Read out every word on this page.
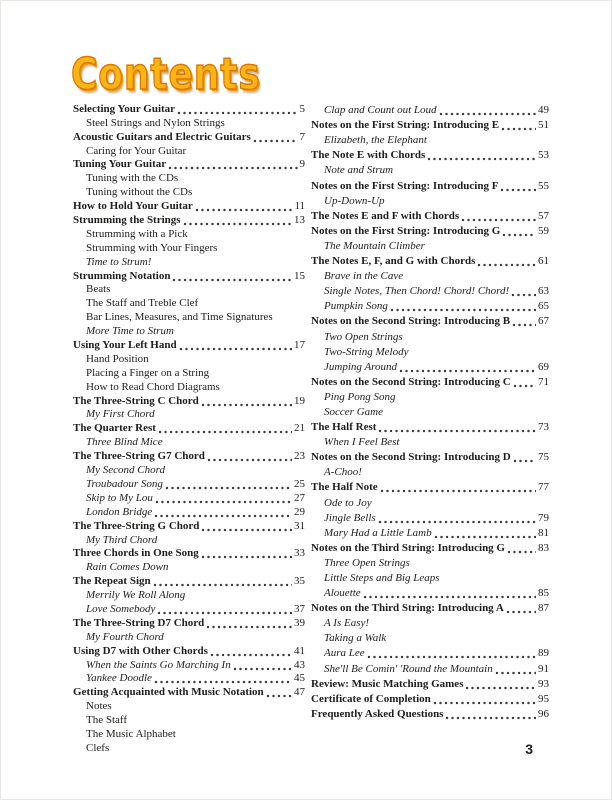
Contents
Selecting Your Guitar	5
Steel Strings and Nylon Strings
Acoustic Guitars and Electric Guitars	7
Caring for Your Guitar
Tuning Your Guitar	9
Tuning with the CDs
Tuning without the CDs
How to Hold Your Guitar	11
Strumming the Strings	13
Strumming with a Pick
Strumming with Your Fingers
Time to Strum!
Strumming Notation	15
Beats
The Staff and Treble Clef
Bar Lines, Measures, and Time Signatures
More Time to Strum
Using Your Left Hand	17
Hand Position
Placing a Finger on a String
How to Read Chord Diagrams
The Three-String C Chord	19
My First Chord
The Quarter Rest	21
Three Blind Mice
The Three-String G7 Chord	23
My Second Chord
Troubadour Song	25
Skip to My Lou	27
London Bridge	29
The Three-String G Chord	31
My Third Chord
Three Chords in One Song	33
Rain Comes Down
The Repeat Sign	35
Merrily We Roll Along
Love Somebody	37
The Three-String D7 Chord	39
My Fourth Chord
Using D7 with Other Chords	41
When the Saints Go Marching In	43
Yankee Doodle	45
Getting Acquainted with Music Notation	47
Notes
The Staff
The Music Alphabet
Clefs
Clap and Count out Loud	49
Notes on the First String: Introducing E	51
Elizabeth, the Elephant
The Note E with Chords	53
Note and Strum
Notes on the First String: Introducing F	55
Up-Down-Up
The Notes E and F with Chords	57
Notes on the First String: Introducing G	59
The Mountain Climber
The Notes E, F, and G with Chords	61
Brave in the Cave
Single Notes, Then Chord! Chord! Chord!	63
Pumpkin Song	65
Notes on the Second String: Introducing B	67
Two Open Strings
Two-String Melody
Jumping Around	69
Notes on the Second String: Introducing C 71
Ping Pong Song
Soccer Game
The Half Rest	73
When I Feel Best
Notes on the Second String: Introducing D 75
A-Choo!
The Half Note	77
Ode to Joy
Jingle Bells	79
Mary Had a Little Lamb	81
Notes on the Third String: Introducing G	83
Three Open Strings
Little Steps and Big Leaps
Alouette	85
Notes on the Third String: Introducing A	87
A Is Easy!
Taking a Walk
Aura Lee	89
She'll Be Comin' 'Round the Mountain	91
Review: Music Matching Games	93
Certificate of Completion	95
Frequently Asked Questions	96
3
